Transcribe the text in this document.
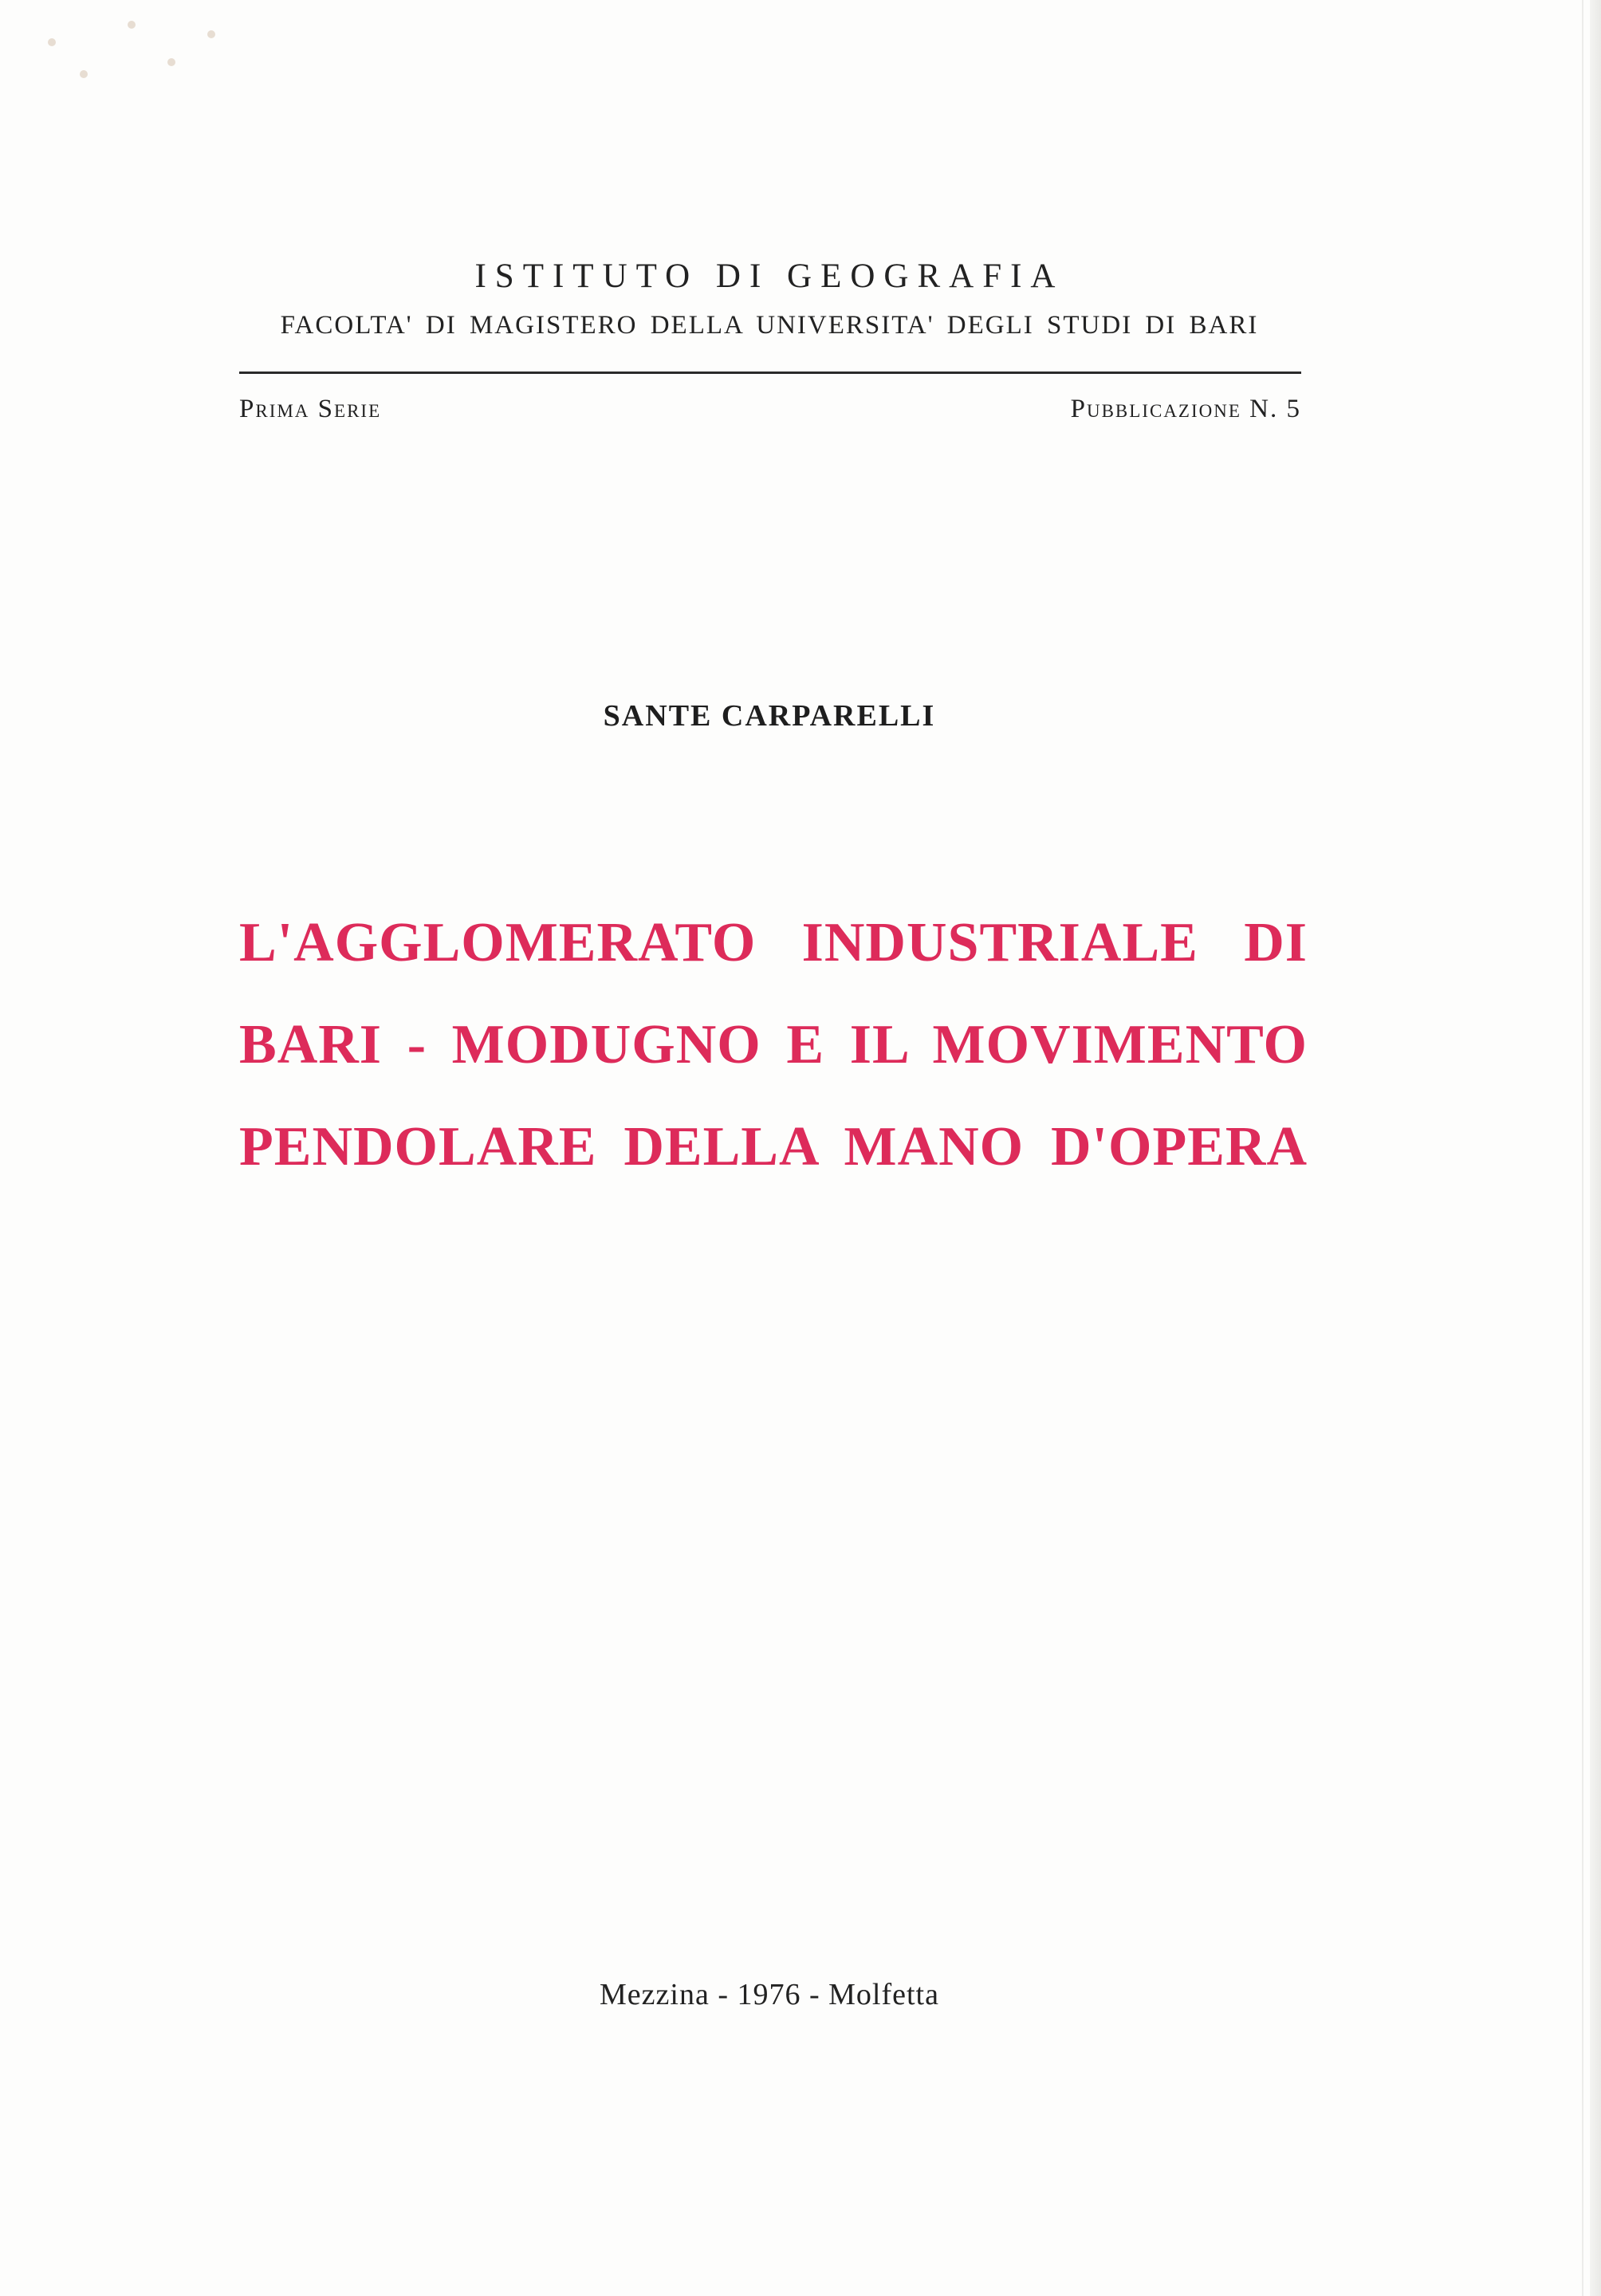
ISTITUTO DI GEOGRAFIA

FACOLTA' DI MAGISTERO DELLA UNIVERSITA' DEGLI STUDI DI BARI

Prima Serie	Pubblicazione N. 5

SANTE CARPARELLI

L'AGGLOMERATO INDUSTRIALE DI
BARI - MODUGNO E IL MOVIMENTO
PENDOLARE DELLA MANO D'OPERA

Mezzina - 1976 - Molfetta
